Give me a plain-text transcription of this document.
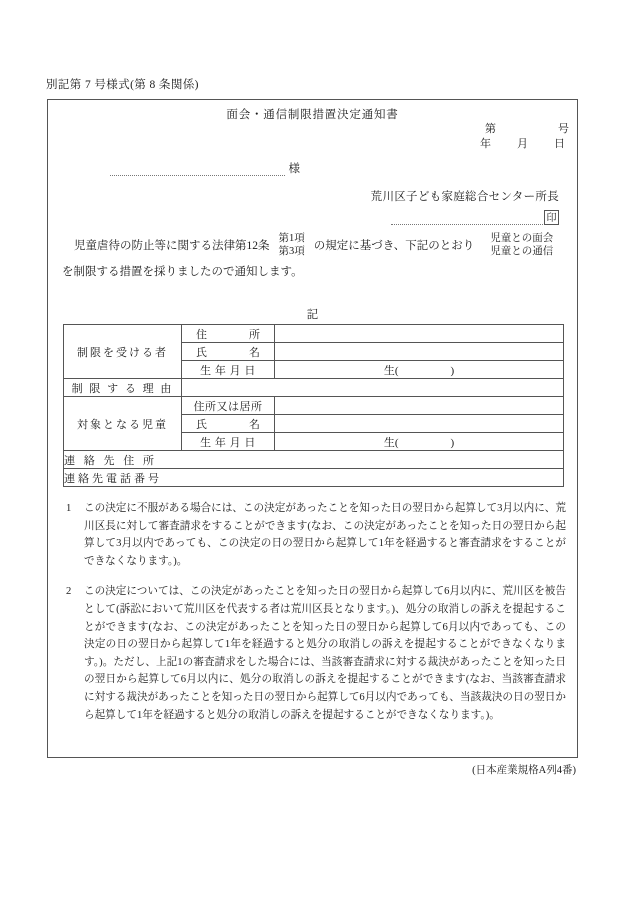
別記第 7 号様式(第 8 条関係)
面会・通信制限措置決定通知書
第	号
年 月 日
様
荒川区子ども家庭総合センター所長
印
児童虐待の防止等に関する法律第12条
第1項
第3項 の規定に基づき、下記のとおり
児童との面会
児童との通信
を制限する措置を採りましたので通知します。
記
制限を受ける者	住 所	

	氏 名	

	生 年 月 日	生( )
制 限 す る 理 由		
対象となる児童	住所又は居所	

	氏 名	

	生 年 月 日	生( )
連 絡 先 住 所		
連絡先電話番号		
1	この決定に不服がある場合には、この決定があったことを知った日の翌日から起算して3月以内に、荒川区長に対して審査請求をすることができます(なお、この決定があったことを知った日の翌日から起算して3月以内であっても、この決定の日の翌日から起算して1年を経過すると審査請求をすることができなくなります。)。
2	この決定については、この決定があったことを知った日の翌日から起算して6月以内に、荒川区を被告として(訴訟において荒川区を代表する者は荒川区長となります。)、処分の取消しの訴えを提起することができます(なお、この決定があったことを知った日の翌日から起算して6月以内であっても、この決定の日の翌日から起算して1年を経過すると処分の取消しの訴えを提起することができなくなります。)。ただし、上記1の審査請求をした場合には、当該審査請求に対する裁決があったことを知った日の翌日から起算して6月以内に、処分の取消しの訴えを提起することができます(なお、当該審査請求に対する裁決があったことを知った日の翌日から起算して6月以内であっても、当該裁決の日の翌日から起算して1年を経過すると処分の取消しの訴えを提起することができなくなります。)。
(日本産業規格A列4番)
